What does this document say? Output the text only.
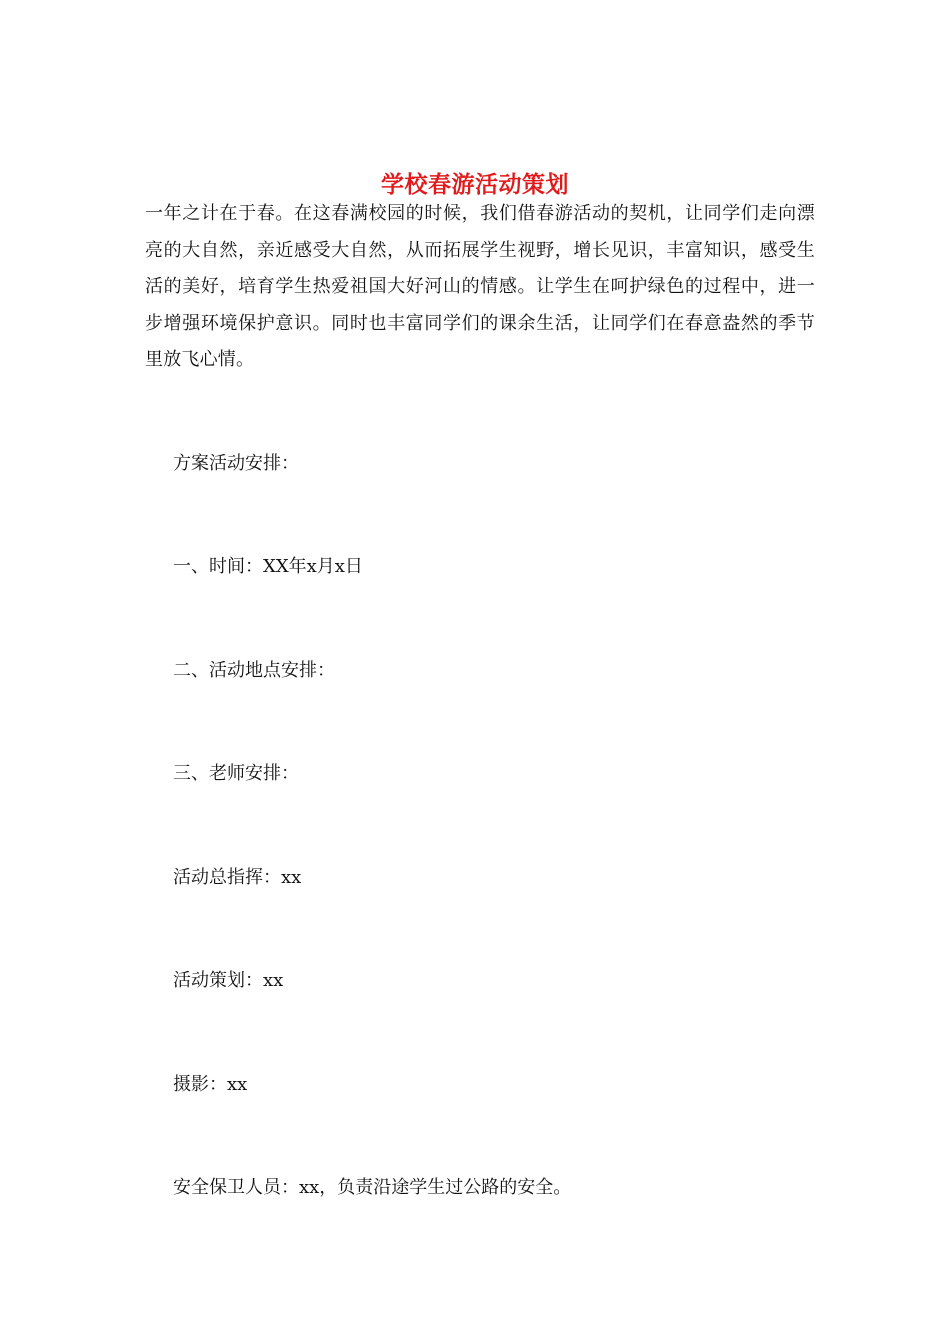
学校春游活动策划

一年之计在于春。在这春满校园的时候，我们借春游活动的契机，让同学们走向漂亮的大自然，亲近感受大自然，从而拓展学生视野，增长见识，丰富知识，感受生活的美好，培育学生热爱祖国大好河山的情感。让学生在呵护绿色的过程中，进一步增强环境保护意识。同时也丰富同学们的课余生活，让同学们在春意盎然的季节里放飞心情。

方案活动安排：

一、时间：XX年x月x日

二、活动地点安排：

三、老师安排：

活动总指挥：xx

活动策划：xx

摄影：xx

安全保卫人员：xx，负责沿途学生过公路的安全。
